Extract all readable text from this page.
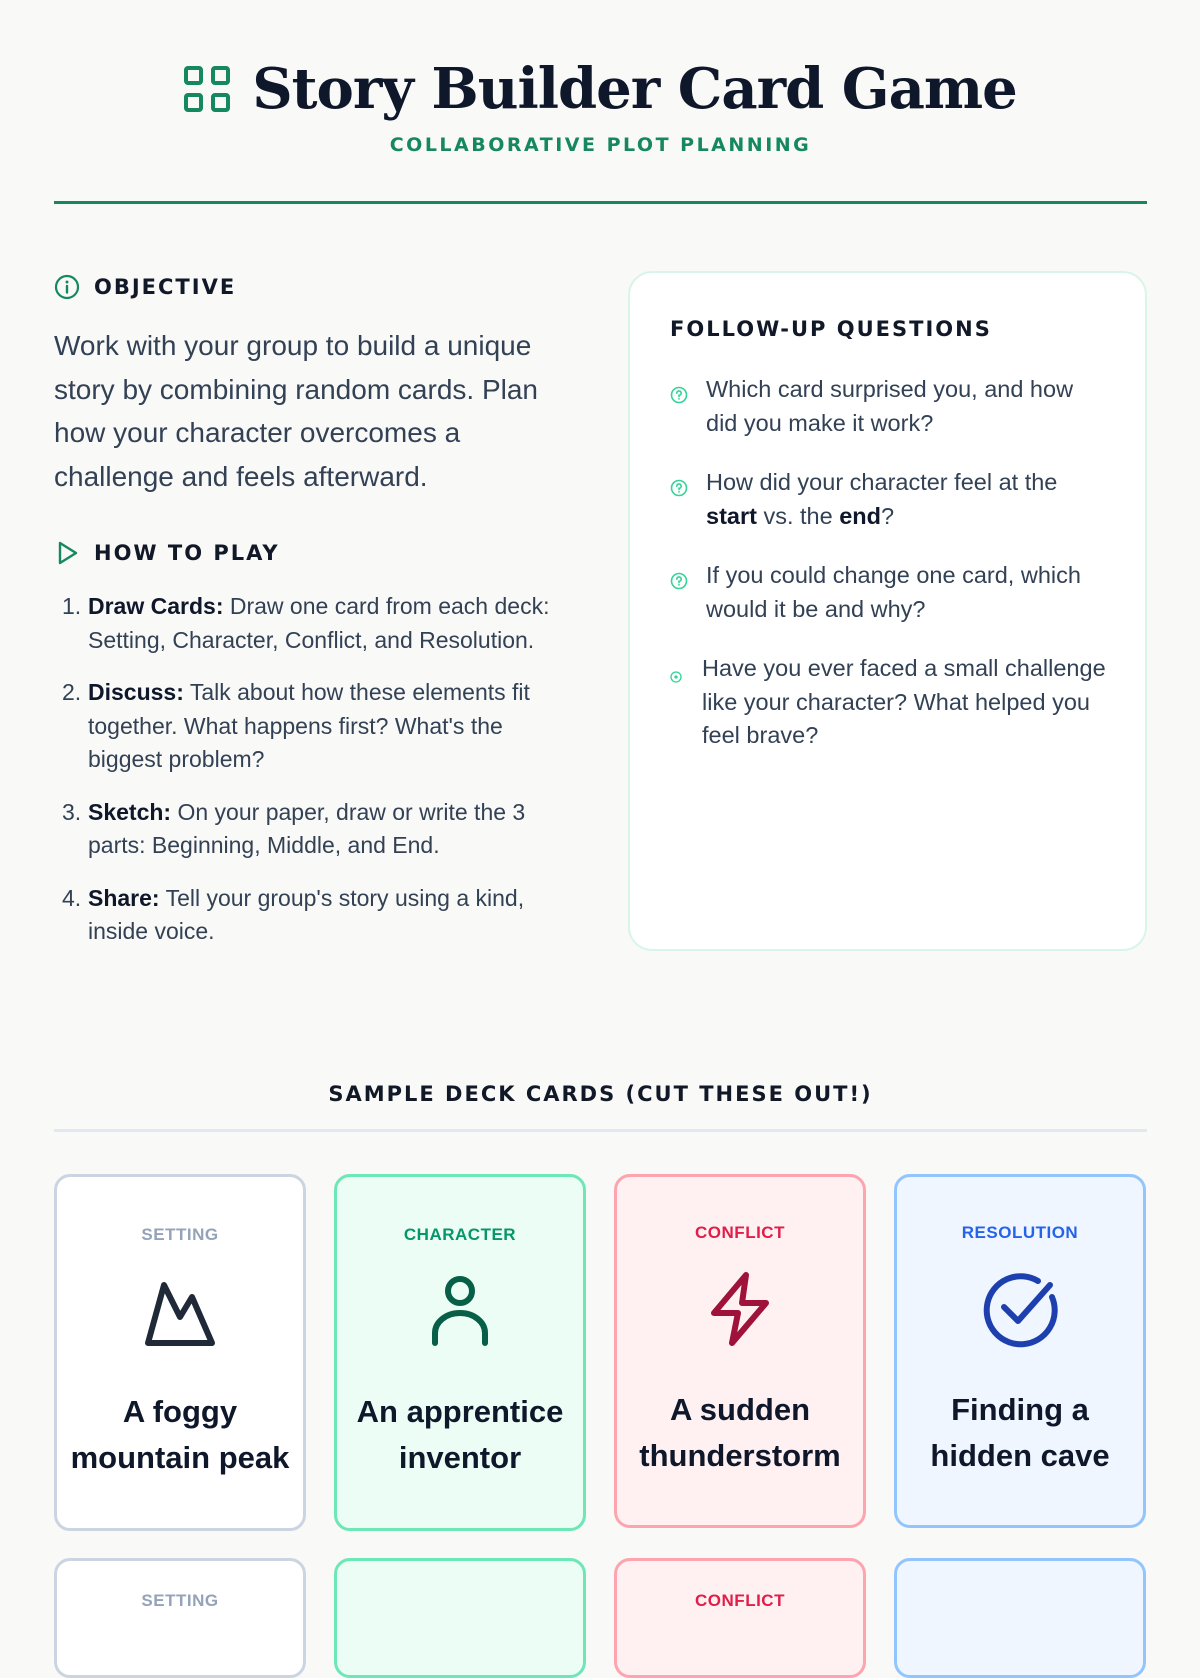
Story Builder Card Game
COLLABORATIVE PLOT PLANNING
OBJECTIVE

Work with your group to build a unique story by combining random cards. Plan how your character overcomes a challenge and feels afterward.

HOW TO PLAY
1. Draw Cards: Draw one card from each deck: Setting, Character, Conflict, and Resolution.
2. Discuss: Talk about how these elements fit together. What happens first? What's the biggest problem?
3. Sketch: On your paper, draw or write the 3 parts: Beginning, Middle, and End.
4. Share: Tell your group's story using a kind, inside voice.
FOLLOW-UP QUESTIONS
Which card surprised you, and how did you make it work?
How did your character feel at the start vs. the end?
If you could change one card, which would it be and why?
Have you ever faced a small challenge like your character? What helped you feel brave?
SAMPLE DECK CARDS (CUT THESE OUT!)
SETTING
A foggy mountain peak
CHARACTER
An apprentice inventor
CONFLICT
A sudden thunderstorm
RESOLUTION
Finding a hidden cave
SETTING	CONFLICT
